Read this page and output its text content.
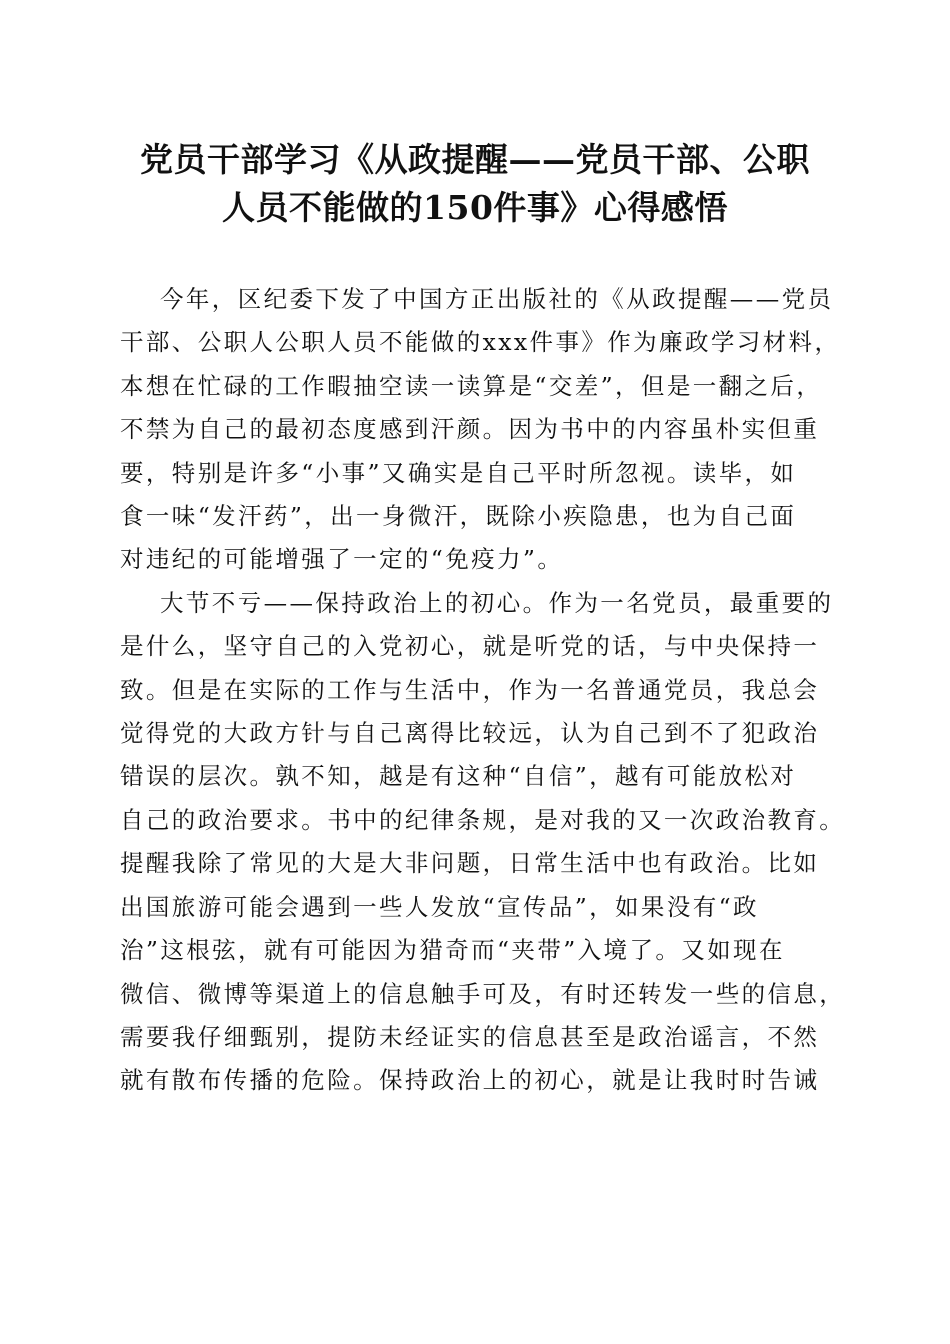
党员干部学习《从政提醒——党员干部、公职
人员不能做的150件事》心得感悟

今年，区纪委下发了中国方正出版社的《从政提醒——党员
干部、公职人公职人员不能做的xxx件事》作为廉政学习材料，
本想在忙碌的工作暇抽空读一读算是“交差”，但是一翻之后，
不禁为自己的最初态度感到汗颜。因为书中的内容虽朴实但重
要，特别是许多“小事”又确实是自己平时所忽视。读毕，如
食一味“发汗药”，出一身微汗，既除小疾隐患，也为自己面
对违纪的可能增强了一定的“免疫力”。

大节不亏——保持政治上的初心。作为一名党员，最重要的
是什么，坚守自己的入党初心，就是听党的话，与中央保持一
致。但是在实际的工作与生活中，作为一名普通党员，我总会
觉得党的大政方针与自己离得比较远，认为自己到不了犯政治
错误的层次。孰不知，越是有这种“自信”，越有可能放松对
自己的政治要求。书中的纪律条规，是对我的又一次政治教育。
提醒我除了常见的大是大非问题，日常生活中也有政治。比如
出国旅游可能会遇到一些人发放“宣传品”，如果没有“政
治”这根弦，就有可能因为猎奇而“夹带”入境了。又如现在
微信、微博等渠道上的信息触手可及，有时还转发一些的信息，
需要我仔细甄别，提防未经证实的信息甚至是政治谣言，不然
就有散布传播的危险。保持政治上的初心，就是让我时时告诫
